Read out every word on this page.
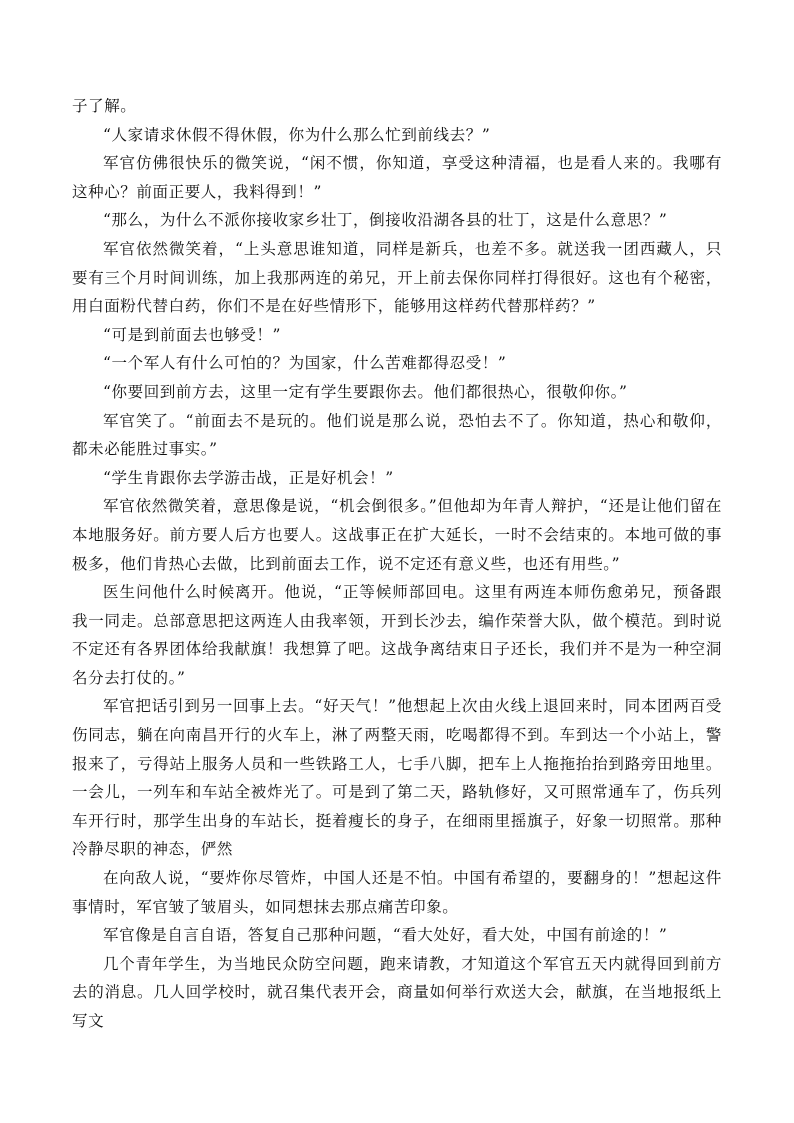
子了解。

“人家请求休假不得休假，你为什么那么忙到前线去？”

军官仿佛很快乐的微笑说，“闲不惯，你知道，享受这种清福，也是看人来的。我哪有这种心？前面正要人，我料得到！”

“那么，为什么不派你接收家乡壮丁，倒接收沿湖各县的壮丁，这是什么意思？”

军官依然微笑着，“上头意思谁知道，同样是新兵，也差不多。就送我一团西藏人，只要有三个月时间训练，加上我那两连的弟兄，开上前去保你同样打得很好。这也有个秘密，用白面粉代替白药，你们不是在好些情形下，能够用这样药代替那样药？”

“可是到前面去也够受！”

“一个军人有什么可怕的？为国家，什么苦难都得忍受！”

“你要回到前方去，这里一定有学生要跟你去。他们都很热心，很敬仰你。”

军官笑了。“前面去不是玩的。他们说是那么说，恐怕去不了。你知道，热心和敬仰，都未必能胜过事实。”

“学生肯跟你去学游击战，正是好机会！”

军官依然微笑着，意思像是说，“机会倒很多。”但他却为年青人辩护，“还是让他们留在本地服务好。前方要人后方也要人。这战事正在扩大延长，一时不会结束的。本地可做的事极多，他们肯热心去做，比到前面去工作，说不定还有意义些，也还有用些。”

医生问他什么时候离开。他说，“正等候师部回电。这里有两连本师伤愈弟兄，预备跟我一同走。总部意思把这两连人由我率领，开到长沙去，编作荣誉大队，做个模范。到时说不定还有各界团体给我献旗！我想算了吧。这战争离结束日子还长，我们并不是为一种空洞名分去打仗的。”

军官把话引到另一回事上去。“好天气！”他想起上次由火线上退回来时，同本团两百受伤同志，躺在向南昌开行的火车上，淋了两整天雨，吃喝都得不到。车到达一个小站上，警报来了，亏得站上服务人员和一些铁路工人，七手八脚，把车上人拖拖抬抬到路旁田地里。一会儿，一列车和车站全被炸光了。可是到了第二天，路轨修好，又可照常通车了，伤兵列车开行时，那学生出身的车站长，挺着瘦长的身子，在细雨里摇旗子，好象一切照常。那种冷静尽职的神态，俨然

在向敌人说，“要炸你尽管炸，中国人还是不怕。中国有希望的，要翻身的！”想起这件事情时，军官皱了皱眉头，如同想抹去那点痛苦印象。

军官像是自言自语，答复自己那种问题，“看大处好，看大处，中国有前途的！”

几个青年学生，为当地民众防空问题，跑来请教，才知道这个军官五天内就得回到前方去的消息。几人回学校时，就召集代表开会，商量如何举行欢送大会，献旗，在当地报纸上写文
